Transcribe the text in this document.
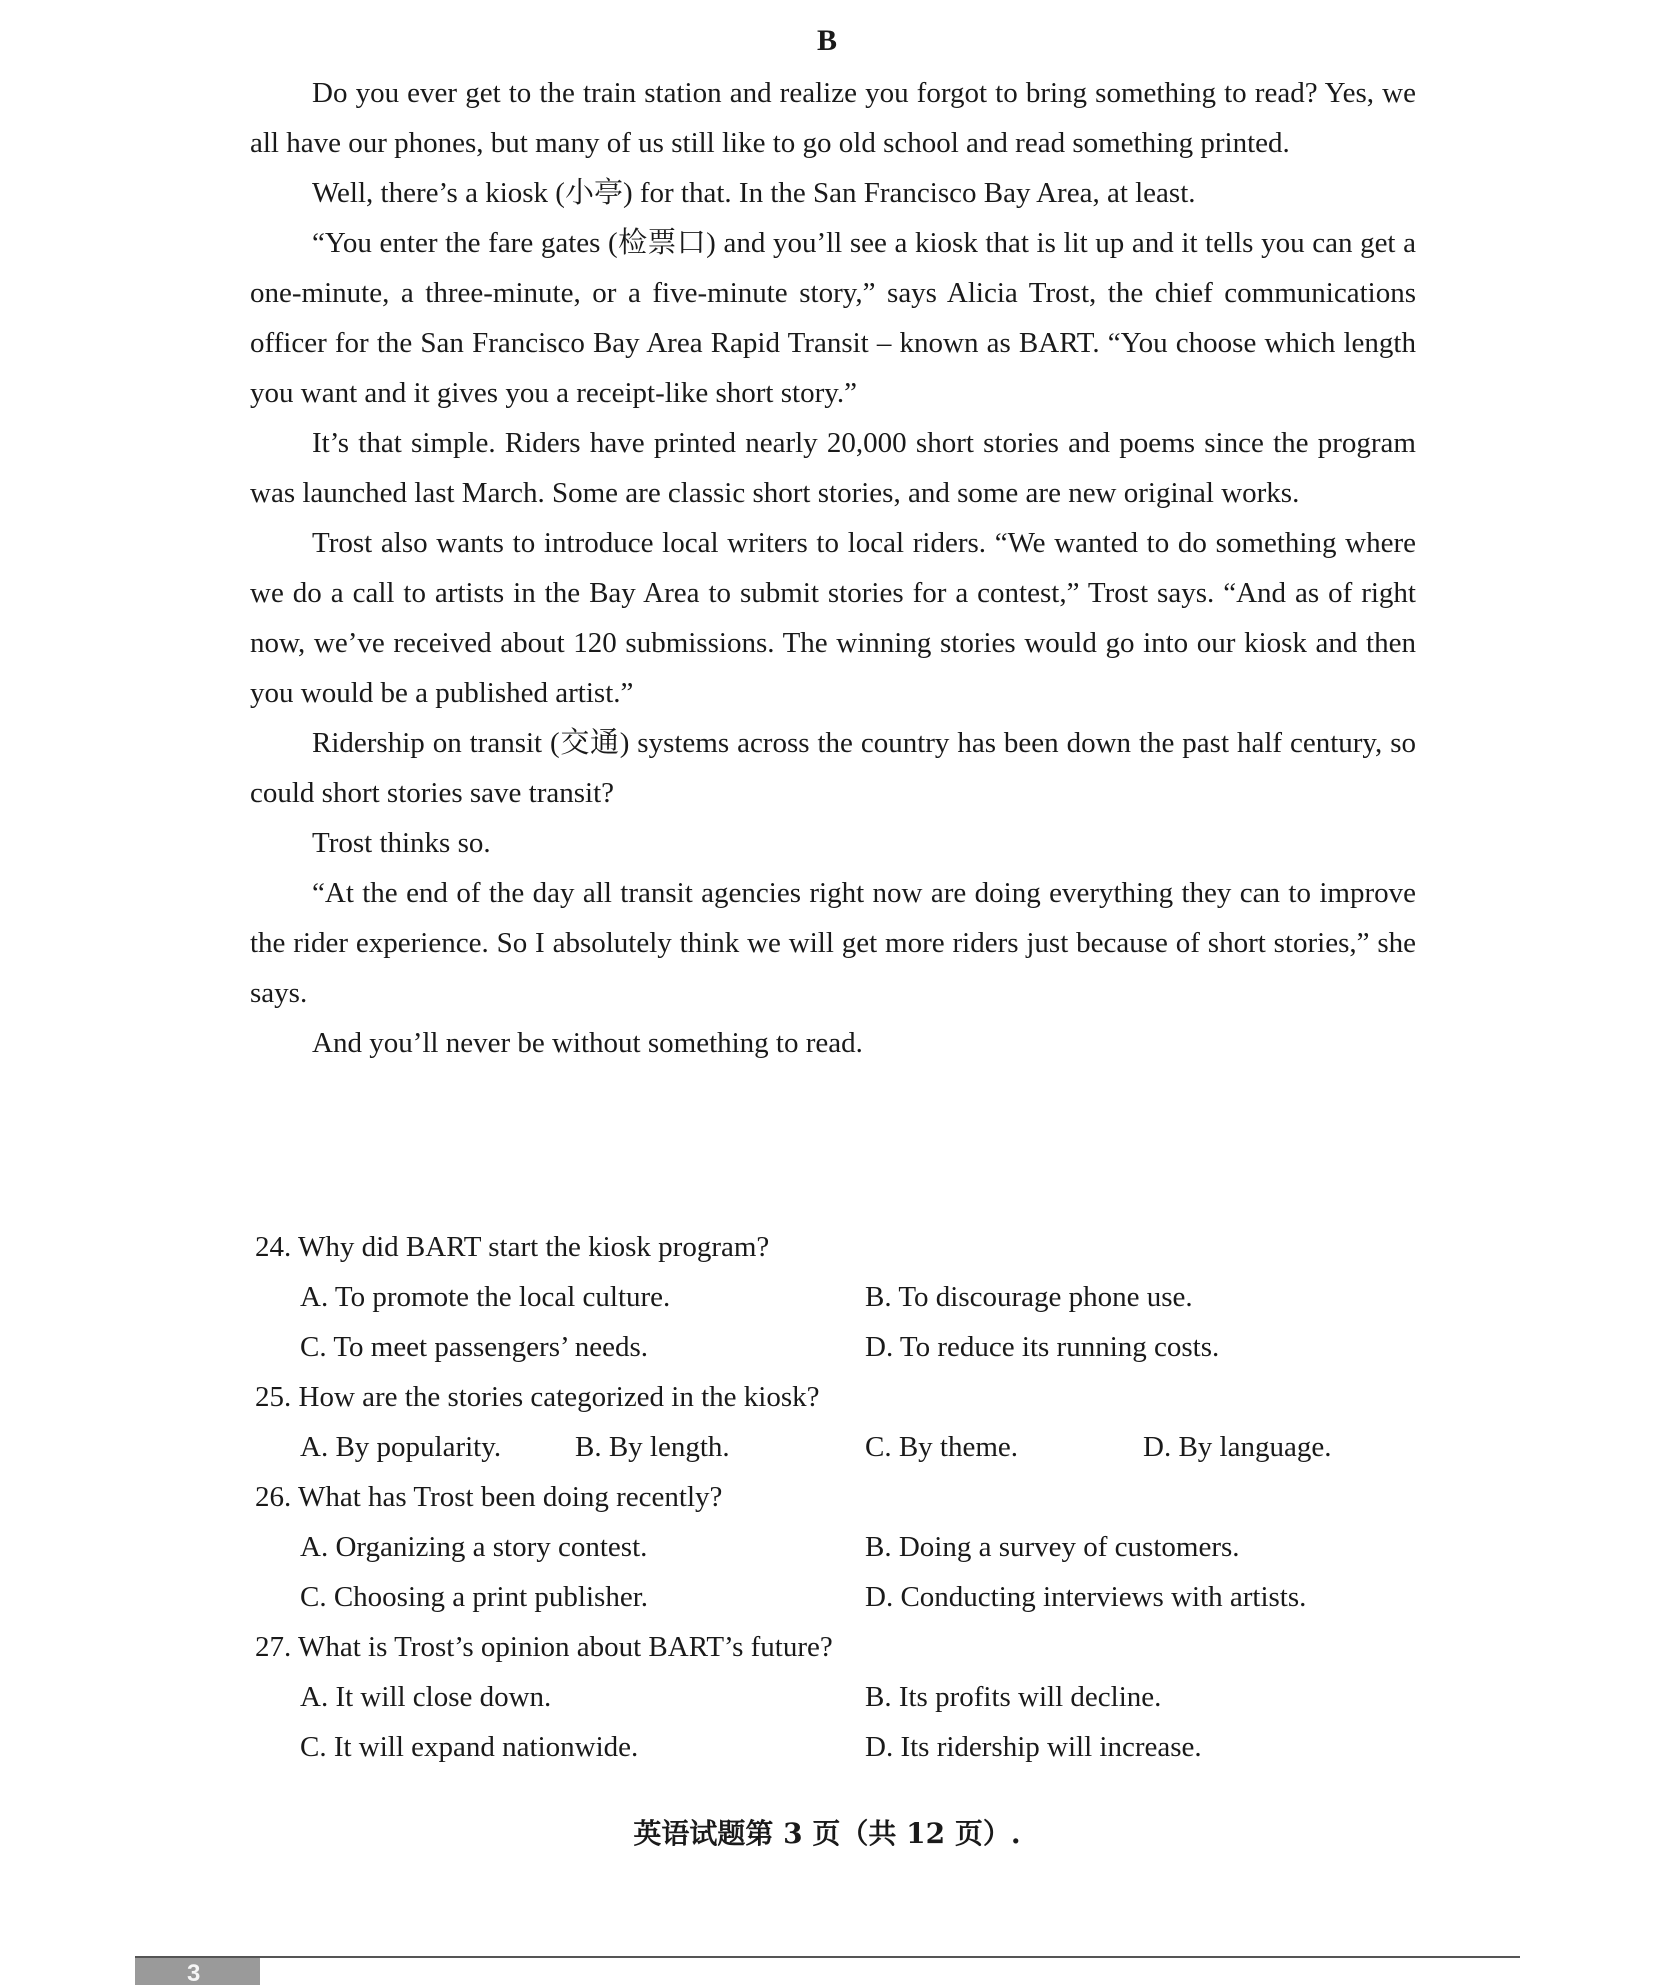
B

Do you ever get to the train station and realize you forgot to bring something to read? Yes, we all have our phones, but many of us still like to go old school and read something printed.

Well, there’s a kiosk (小亭) for that. In the San Francisco Bay Area, at least.

“You enter the fare gates (检票口) and you’ll see a kiosk that is lit up and it tells you can get a one-minute, a three-minute, or a five-minute story,” says Alicia Trost, the chief communications officer for the San Francisco Bay Area Rapid Transit – known as BART. “You choose which length you want and it gives you a receipt-like short story.”

It’s that simple. Riders have printed nearly 20,000 short stories and poems since the program was launched last March. Some are classic short stories, and some are new original works.

Trost also wants to introduce local writers to local riders. “We wanted to do something where we do a call to artists in the Bay Area to submit stories for a contest,” Trost says. “And as of right now, we’ve received about 120 submissions. The winning stories would go into our kiosk and then you would be a published artist.”

Ridership on transit (交通) systems across the country has been down the past half century, so could short stories save transit?

Trost thinks so.

“At the end of the day all transit agencies right now are doing everything they can to improve the rider experience. So I absolutely think we will get more riders just because of short stories,” she says.

And you’ll never be without something to read.

24. Why did BART start the kiosk program?

A. To promote the local culture.	B. To discourage phone use.
C. To meet passengers’ needs.	D. To reduce its running costs.

25. How are the stories categorized in the kiosk?

A. By popularity.	B. By length.	C. By theme.	D. By language.

26. What has Trost been doing recently?

A. Organizing a story contest.	B. Doing a survey of customers.
C. Choosing a print publisher.	D. Conducting interviews with artists.

27. What is Trost’s opinion about BART’s future?

A. It will close down.	B. Its profits will decline.
C. It will expand nationwide.	D. Its ridership will increase.
英语试题第 3 页（共 12 页）.
3
